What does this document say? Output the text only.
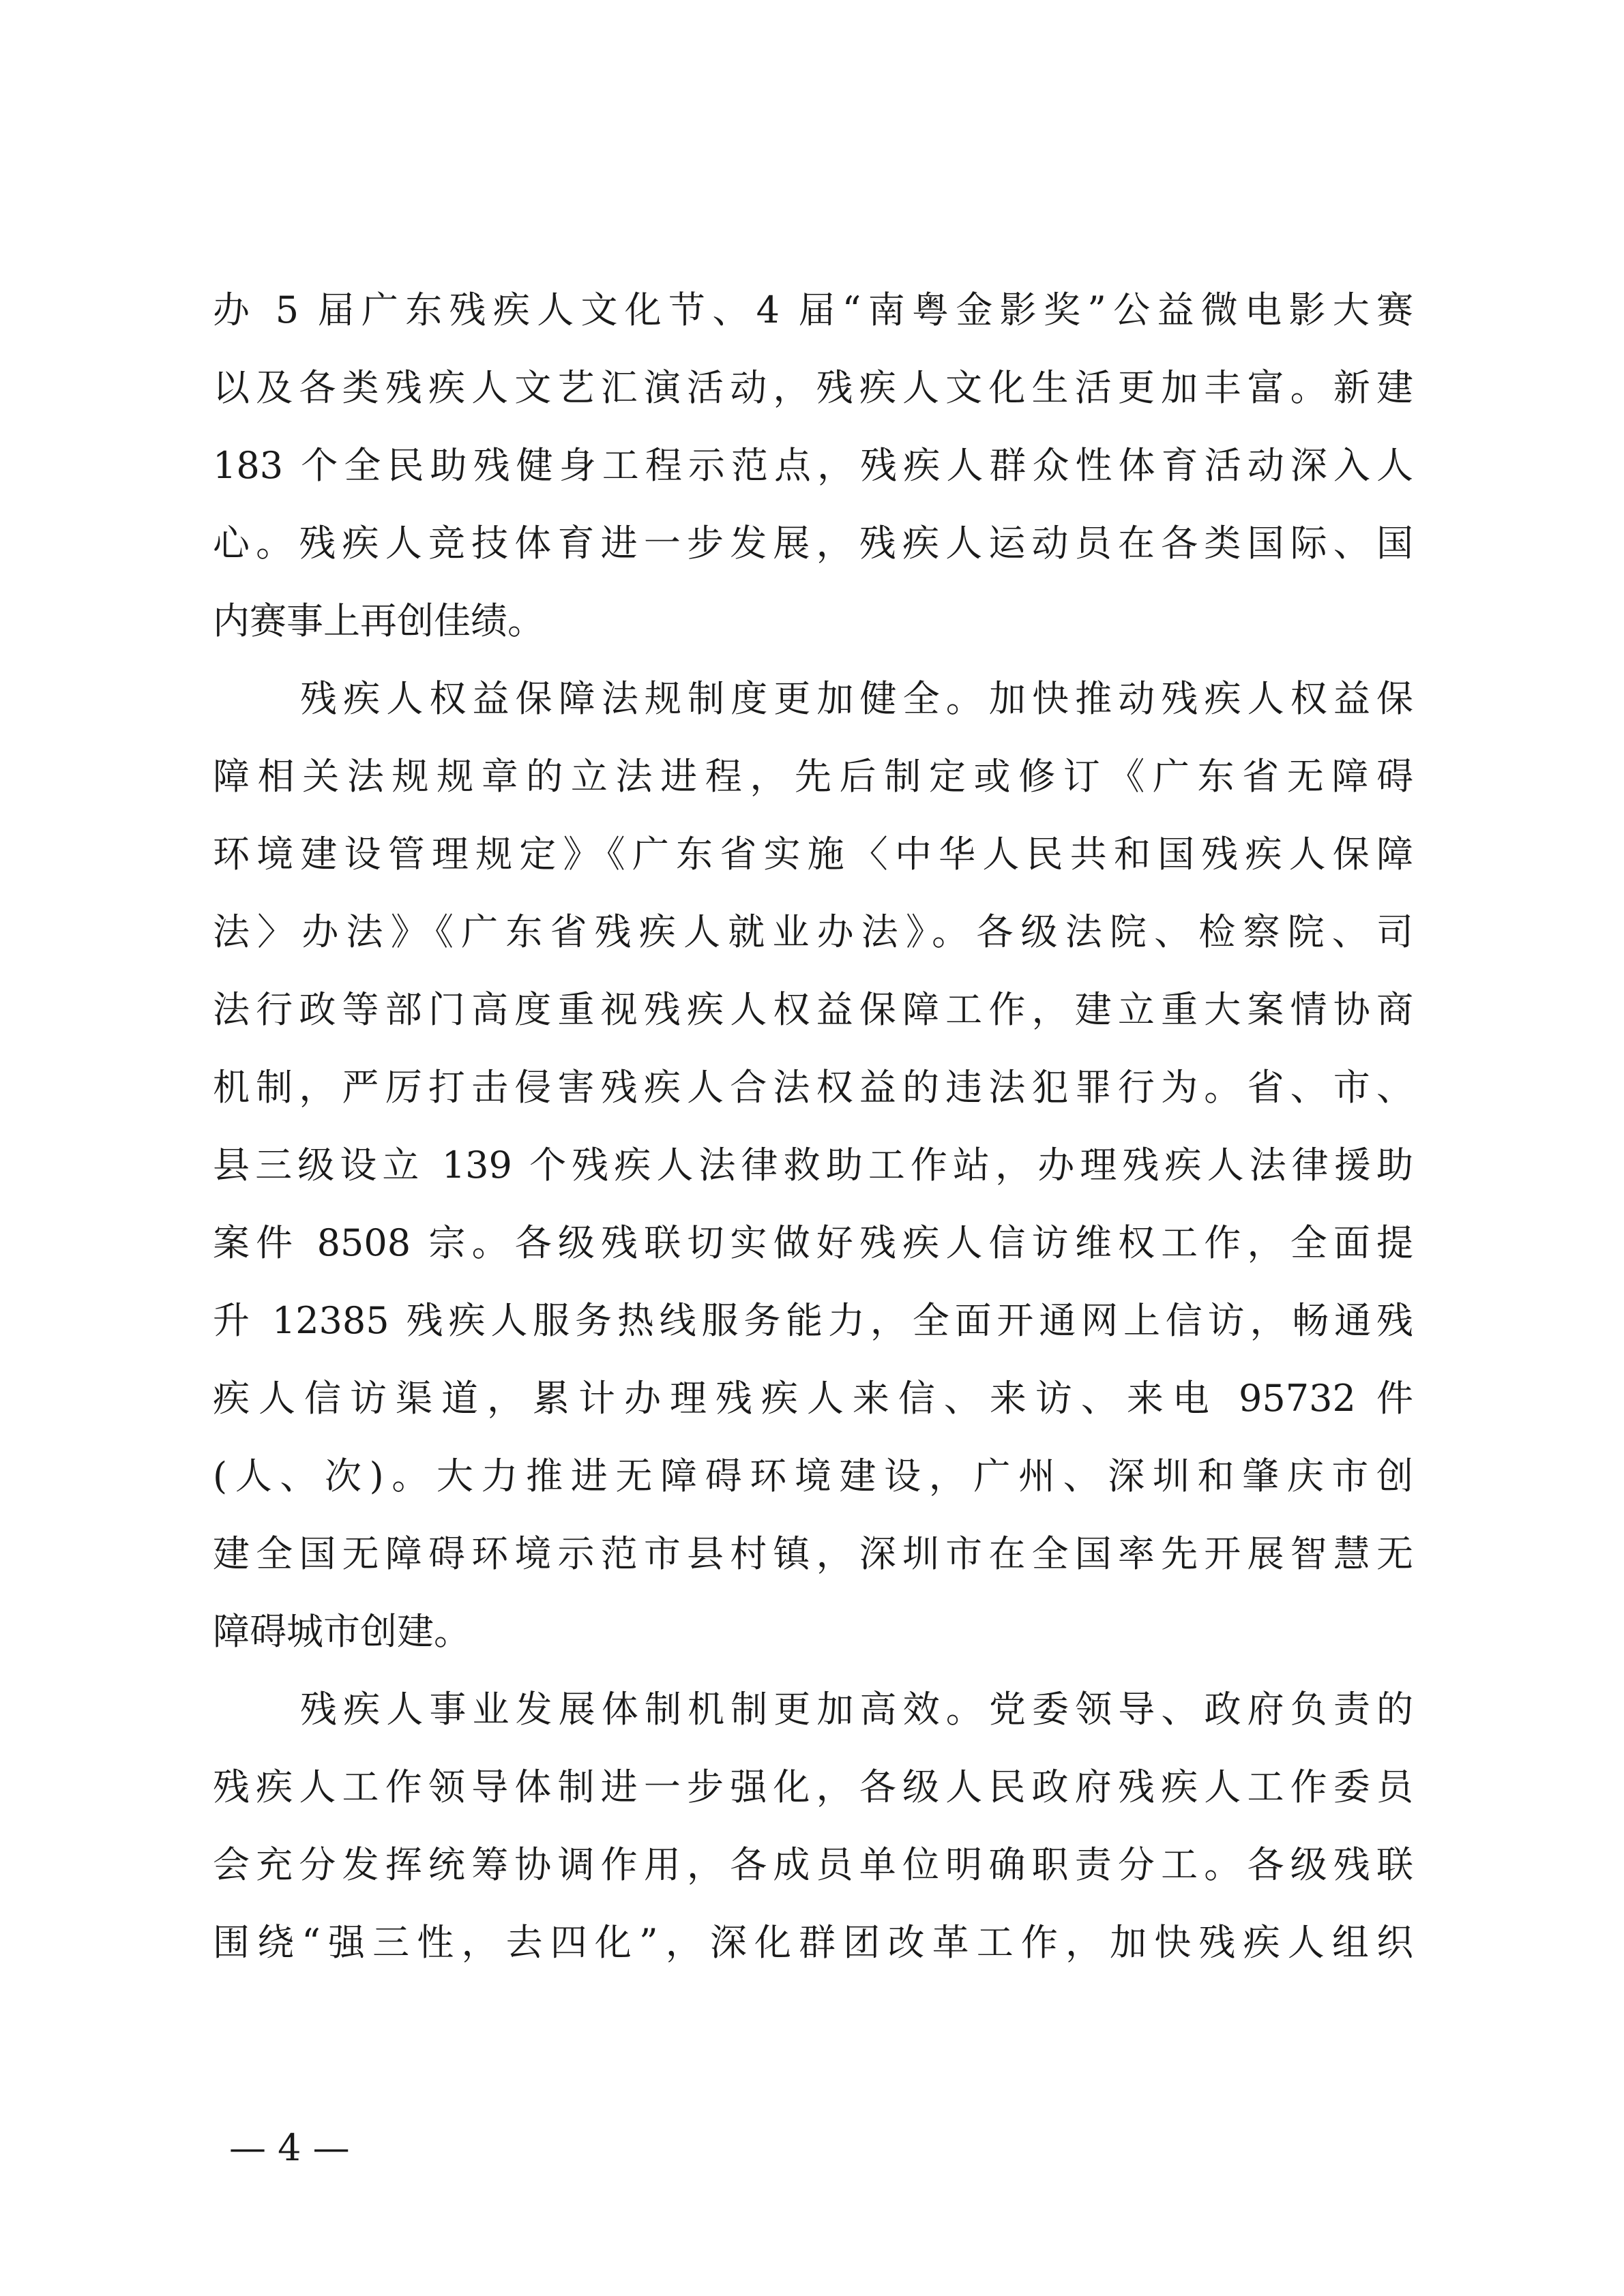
办 5 届广东残疾人文化节、4 届“南粤金影奖”公益微电影大赛
以及各类残疾人文艺汇演活动，残疾人文化生活更加丰富。新建
183 个全民助残健身工程示范点，残疾人群众性体育活动深入人
心。残疾人竞技体育进一步发展，残疾人运动员在各类国际、国
内赛事上再创佳绩。
残疾人权益保障法规制度更加健全。加快推动残疾人权益保
障相关法规规章的立法进程，先后制定或修订《广东省无障碍
环境建设管理规定》《广东省实施〈中华人民共和国残疾人保障
法〉办法》《广东省残疾人就业办法》。各级法院、检察院、司
法行政等部门高度重视残疾人权益保障工作，建立重大案情协商
机制，严厉打击侵害残疾人合法权益的违法犯罪行为。省、市、
县三级设立 139 个残疾人法律救助工作站，办理残疾人法律援助
案件 8508 宗。各级残联切实做好残疾人信访维权工作，全面提
升 12385 残疾人服务热线服务能力，全面开通网上信访，畅通残
疾人信访渠道，累计办理残疾人来信、来访、来电 95732 件
(人、次)。大力推进无障碍环境建设，广州、深圳和肇庆市创
建全国无障碍环境示范市县村镇，深圳市在全国率先开展智慧无
障碍城市创建。
残疾人事业发展体制机制更加高效。党委领导、政府负责的
残疾人工作领导体制进一步强化，各级人民政府残疾人工作委员
会充分发挥统筹协调作用，各成员单位明确职责分工。各级残联
围绕“强三性，去四化”，深化群团改革工作，加快残疾人组织
— 4 —
